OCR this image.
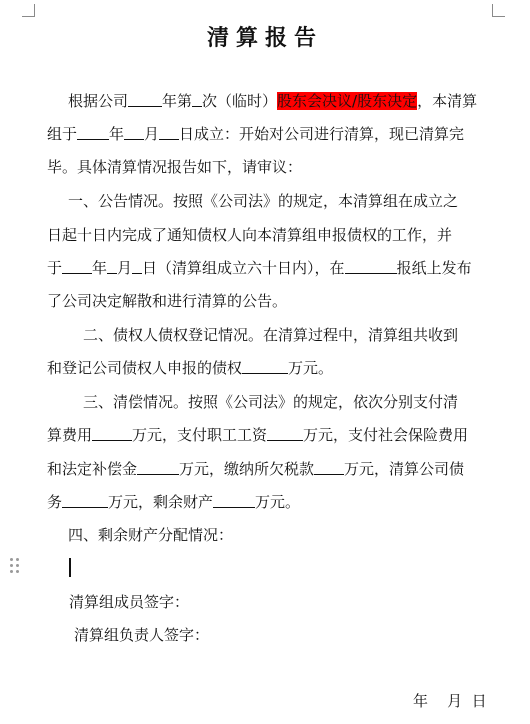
清算报告
根据公司 年第 次（临时）股东会决议/股东决定，本清算
组于 年 月 日成立：开始对公司进行清算，现已清算完
毕。具体清算情况报告如下，请审议：
一、公告情况。按照《公司法》的规定，本清算组在成立之
日起十日内完成了通知债权人向本清算组申报债权的工作，并
于 年 月 日（清算组成立六十日内），在	报纸上发布
了公司决定解散和进行清算的公告。
二、债权人债权登记情况。在清算过程中，清算组共收到
和登记公司债权人申报的债权	万元。
三、清偿情况。按照《公司法》的规定，依次分别支付清
算费用	万元，支付职工工资 万元，支付社会保险费用
和法定补偿金	万元，缴纳所欠税款 万元，清算公司债
务	万元，剩余财产	万元。
四、剩余财产分配情况：
清算组成员签字：
清算组负责人签字：
年 月 日
